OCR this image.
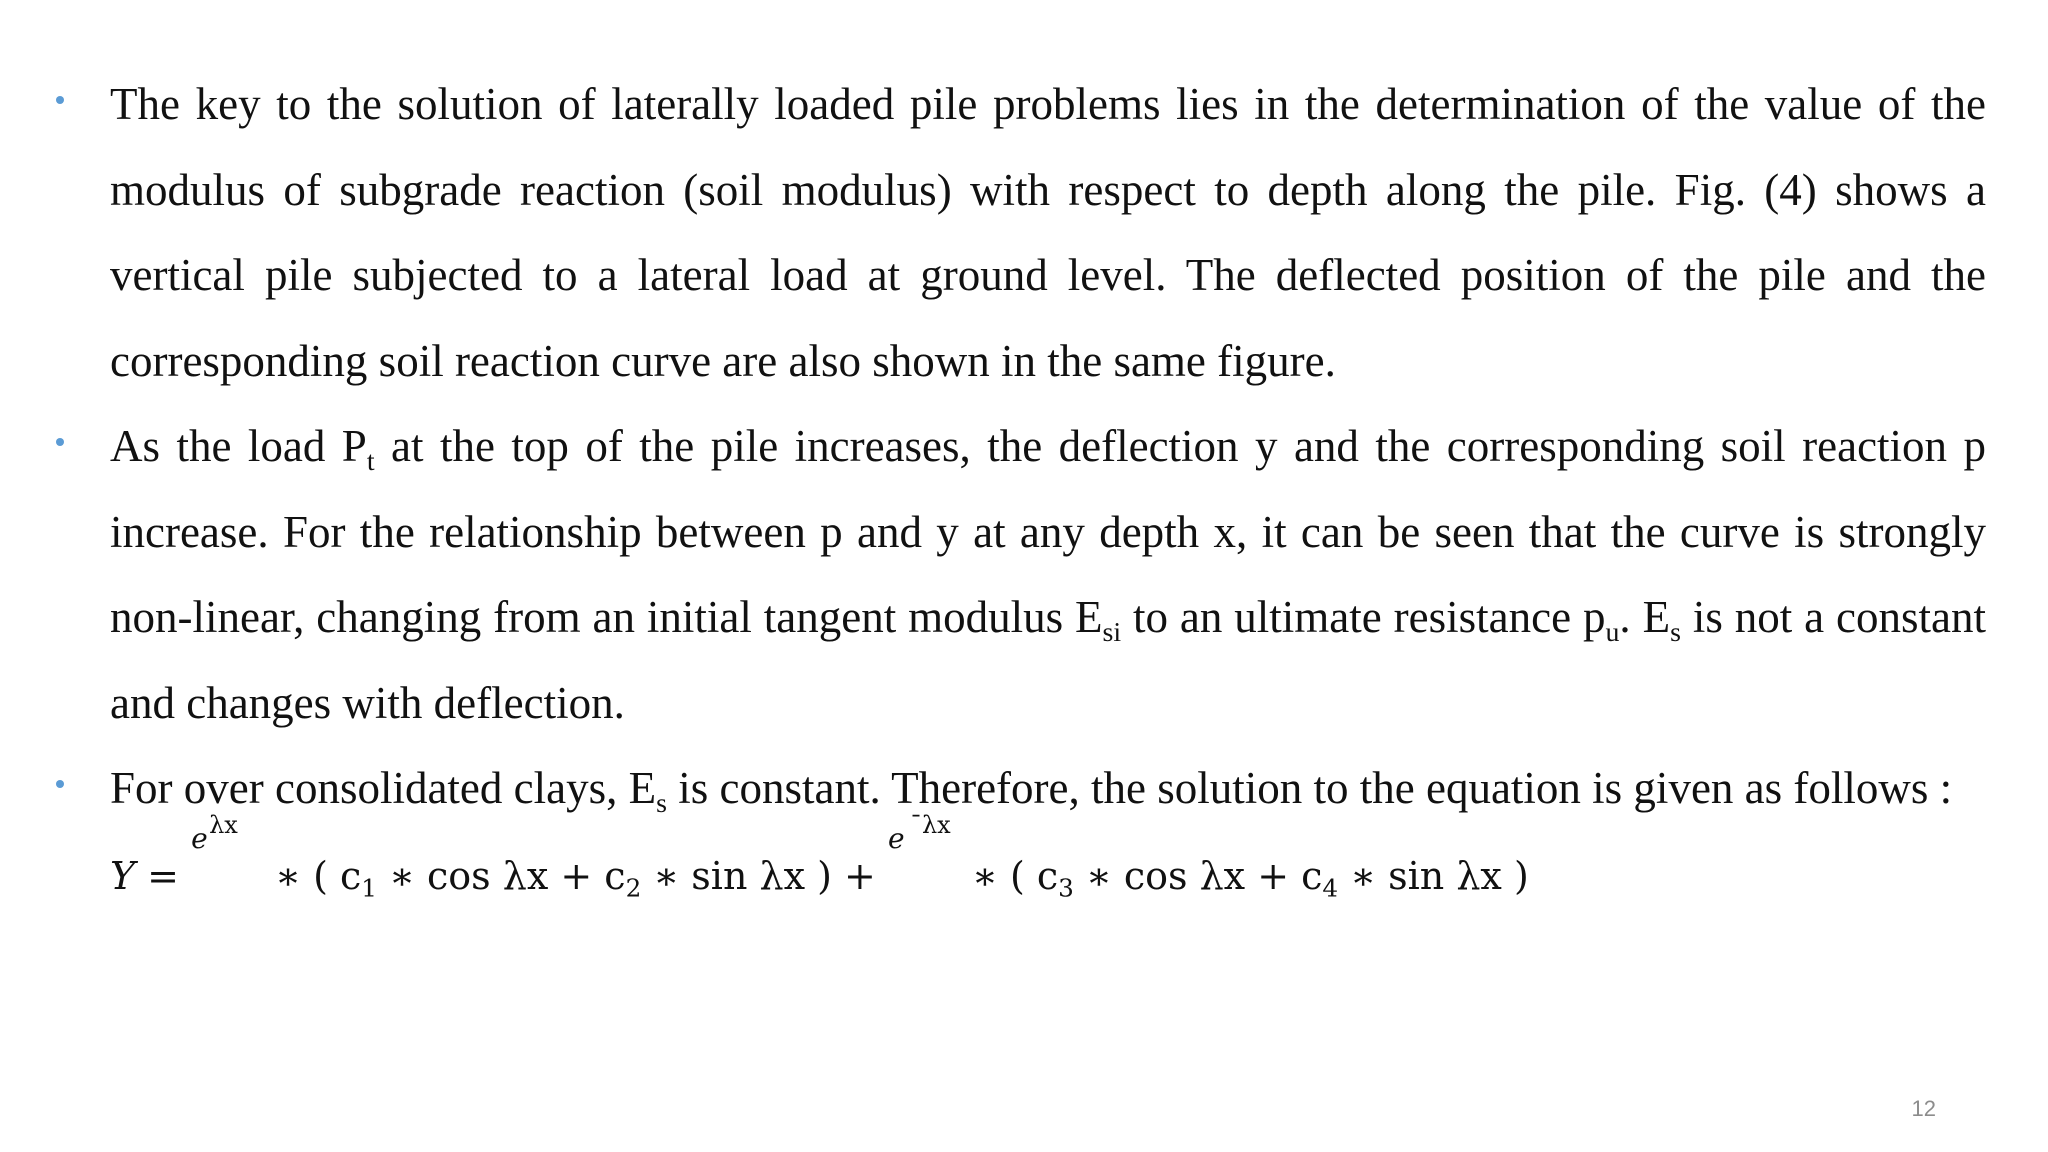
The key to the solution of laterally loaded pile problems lies in the determination of the value of the modulus of subgrade reaction (soil modulus) with respect to depth along the pile. Fig. (4) shows a vertical pile subjected to a lateral load at ground level. The deflected position of the pile and the corresponding soil reaction curve are also shown in the same figure.
As the load $P_t$ at the top of the pile increases, the deflection y and the corresponding soil reaction p increase. For the relationship between p and y at any depth x, it can be seen that the curve is strongly non-linear, changing from an initial tangent modulus $E_{si}$ to an ultimate resistance $p_u$. $E_s$ is not a constant and changes with deflection.
For over consolidated clays, $E_s$ is constant. Therefore, the solution to the equation is given as follows : Y =
e λx
∗ ( c1 ∗ cos λx + c2 ∗ sin λx ) +
e ¯λx
∗ ( c3 ∗ cos λx + c4 ∗ sin λx )
12
